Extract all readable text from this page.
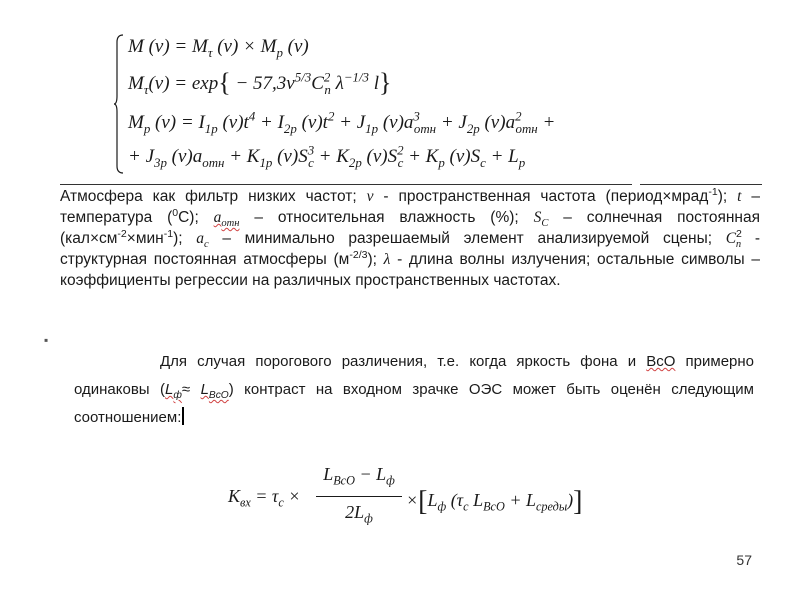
M $(\nu) = M_\tau$ $(\nu) \times M_p$ (ν)
$M_\tau(\nu) = \exp\{ - 57,3\nu^{5/3}C^2_n$ $\lambda^{-1/3}$ l}
$M_p$ $(\nu) = I_{1p}$ $(\nu)t^4 + I_{2p}$ $(\nu)t^2 + J_{1p}$ $(\nu)a^3_{отн} + J_{2p}$ $(\nu)a^2_{отн}$ +
+ $J_{3p}$ $(\nu)a_{отн} + K_{1p}$ $(\nu)S^3_c + K_{2p}$ $(\nu)S^2_c + K_p$ $(\nu)S_c + L_p$
Атмосфера как фильтр низких частот; ν - пространственная частота (период×мрад$^{-1}$); t – температура ($^0$С); $a_{отн}$ – относительная влажность (%); $S_C$ – солнечная постоянная $(кал\times см^{-2}\times мин^{-1})$; $a_c$ – минимально разрешаемый элемент анализируемой сцены; $C^2_n$ - структурная постоянная атмосферы $(м^{-2/3})$; λ - длина волны излучения; остальные символы – коэффициенты регрессии на различных пространственных частотах.
▪
Для случая порогового различения, т.е. когда яркость фона и ВсО примерно одинаковы $(L_ф\approx L_{BcO})$ контраст на входном зрачке ОЭС может быть оценён следующим соотношением:
$K_{вх} = \tau_c$ ×
$L_{BcO} - L_ф$
$2L_ф$
$\times[L_ф$ ($\tau_c$ $L_{BcO} + L_{среды}$)]
57
